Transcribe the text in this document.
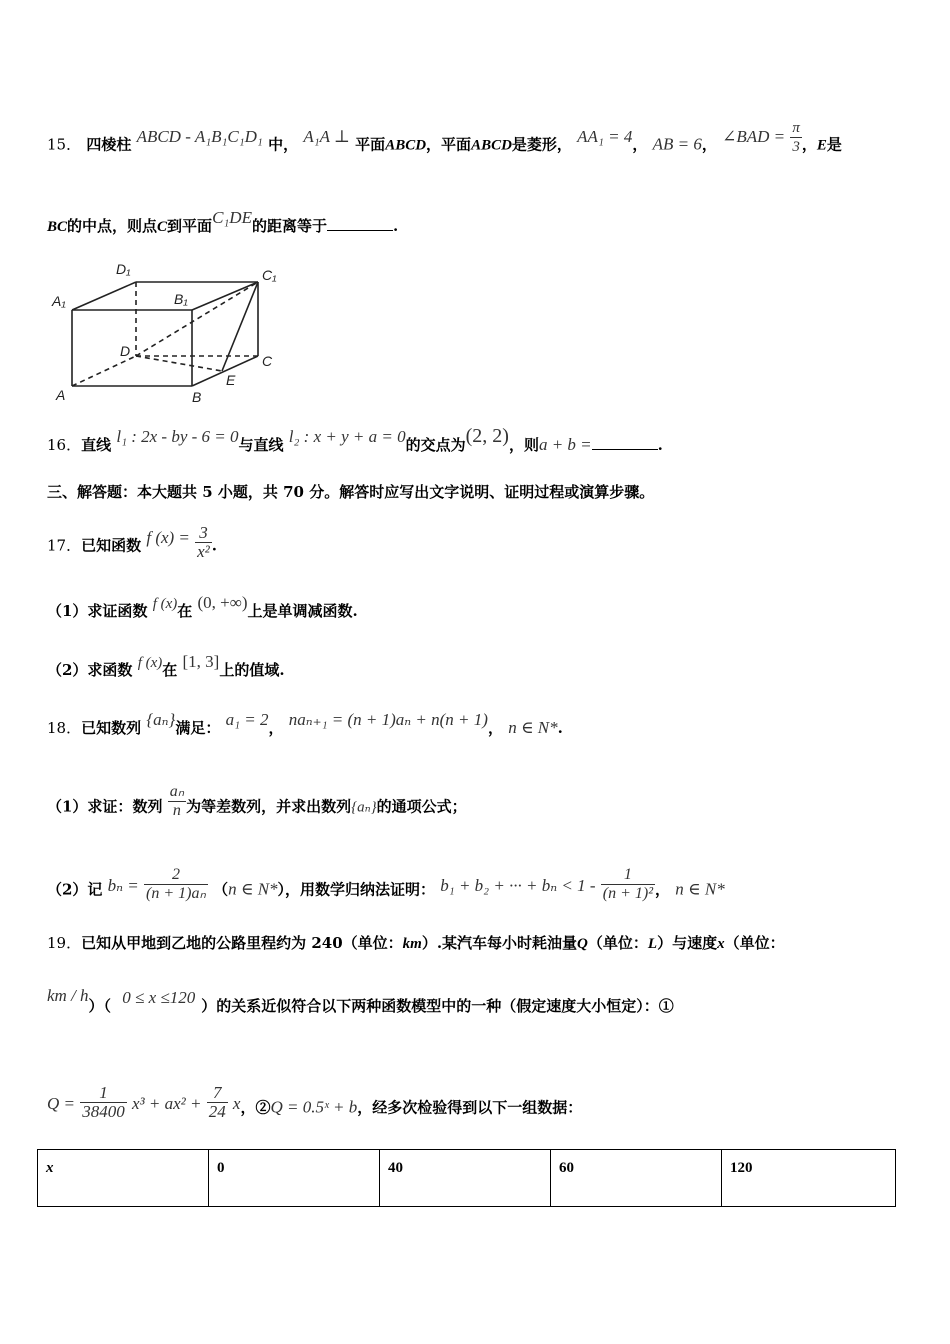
15． 四棱柱 ABCD - A₁B₁C₁D₁ 中， A₁A ⊥ 平面ABCD，平面ABCD是菱形， AA₁ = 4， AB = 6， ∠BAD = $\frac{\pi}{3}$ ，E是
BC的中点，则点C到平面C₁DE的距离等于	.
D₁	C₁
A₁	B₁
D
C
A
E
B
16．直线 l₁ : 2x - by - 6 = 0与直线 l₂ : x + y + a = 0的交点为(2, 2)，则a + b =	.
三、解答题：本大题共 5 小题，共 70 分。解答时应写出文字说明、证明过程或演算步骤。
17．已知函数 f $(x) = \frac{3}{\text{x²}}$ .
（1）求证函数 f (x)在 (0, +∞)上是单调减函数.
（2）求函数 f (x)在 [1, 3]上的值域.
18．已知数列 {aₙ}满足： a₁ = 2， naₙ₊₁ = (n + 1)aₙ + n(n + 1)， n ∈ N*.
（1）求证：数列 $\frac{\text{aₙ}}{n}$ 为等差数列，并求出数列{aₙ}的通项公式；
（2）记 $b_n = \frac{2}{\text{(n + 1)aₙ}} (n$ ∈ N*），用数学归纳法证明： b₁ + b₂ + ··· + $b_n < 1 - \frac{1}{\text{(n + 1)²}}$ ， n ∈ N*
19．已知从甲地到乙地的公路里程约为 240（单位：km）.某汽车每小时耗油量Q（单位：L）与速度x（单位：
km / h）（ 0 ≤ x ≤120 ）的关系近似符合以下两种函数模型中的一种（假定速度大小恒定）：①
$Q = \frac{1}{38400} x^3 + ax^2 + \frac{7}{24}$ x，②Q = 0.5ˣ + b，经多次检验得到以下一组数据：
x	0	40	60	120
